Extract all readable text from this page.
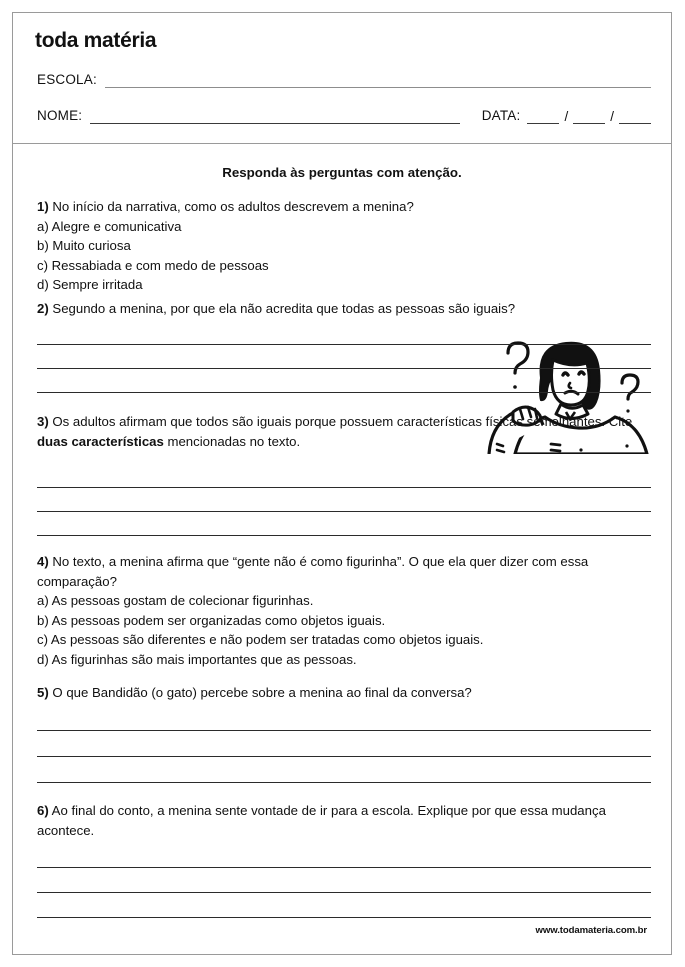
toda matéria
ESCOLA:
NOME:	DATA:	/	/
Responda às perguntas com atenção.
1) No início da narrativa, como os adultos descrevem a menina?
a) Alegre e comunicativa
b) Muito curiosa
c) Ressabiada e com medo de pessoas
d) Sempre irritada
2) Segundo a menina, por que ela não acredita que todas as pessoas são iguais?
3) Os adultos afirmam que todos são iguais porque possuem características físicas semelhantes. Cite duas características mencionadas no texto.
4) No texto, a menina afirma que “gente não é como figurinha”. O que ela quer dizer com essa comparação?
a) As pessoas gostam de colecionar figurinhas.
b) As pessoas podem ser organizadas como objetos iguais.
c) As pessoas são diferentes e não podem ser tratadas como objetos iguais.
d) As figurinhas são mais importantes que as pessoas.
5) O que Bandidão (o gato) percebe sobre a menina ao final da conversa?
6) Ao final do conto, a menina sente vontade de ir para a escola. Explique por que essa mudança acontece.
www.todamateria.com.br
